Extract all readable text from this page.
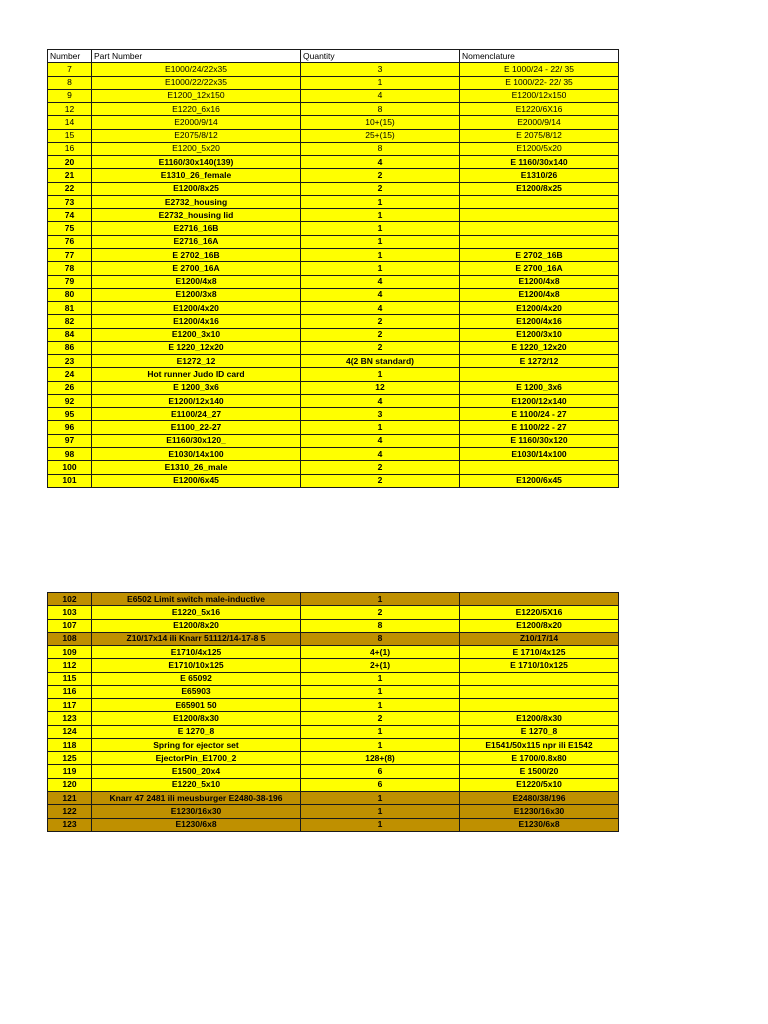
Number	Part Number	Quantity	Nomenclature
7	E1000/24/22x35	3	E 1000/24 - 22/ 35
8	E1000/22/22x35	1	E 1000/22- 22/ 35
9	E1200_12x150	4	E1200/12x150
12	E1220_6x16	8	E1220/6X16
14	E2000/9/14	10+(15)	E2000/9/14
15	E2075/8/12	25+(15)	E 2075/8/12
16	E1200_5x20	8	E1200/5x20
20	E1160/30x140(139)	4	E 1160/30x140
21	E1310_26_female	2	E1310/26
22	E1200/8x25	2	E1200/8x25
73	E2732_housing	1	
74	E2732_housing lid	1	
75	E2716_16B	1	
76	E2716_16A	1	
77	E 2702_16B	1	E 2702_16B
78	E 2700_16A	1	E 2700_16A
79	E1200/4x8	4	E1200/4x8
80	E1200/3x8	4	E1200/4x8
81	E1200/4x20	4	E1200/4x20
82	E1200/4x16	2	E1200/4x16
84	E1200_3x10	2	E1200/3x10
86	E 1220_12x20	2	E 1220_12x20
23	E1272_12	4(2 BN standard)	E 1272/12
24	Hot runner Judo ID card	1	
26	E 1200_3x6	12	E 1200_3x6
92	E1200/12x140	4	E1200/12x140
95	E1100/24_27	3	E 1100/24 - 27
96	E1100_22-27	1	E 1100/22 - 27
97	E1160/30x120_	4	E 1160/30x120
98	E1030/14x100	4	E1030/14x100
100	E1310_26_male	2	
101	E1200/6x45	2	E1200/6x45
102	E6502 Limit switch male-inductive	1	
103	E1220_5x16	2	E1220/5X16
107	E1200/8x20	8	E1200/8x20
108	Z10/17x14 ili Knarr 51112/14-17-8 5	8	Z10/17/14
109	E1710/4x125	4+(1)	E 1710/4x125
112	E1710/10x125	2+(1)	E 1710/10x125
115	E 65092	1	
116	E65903	1	
117	E65901 50	1	
123	E1200/8x30	2	E1200/8x30
124	E 1270_8	1	E 1270_8
118	Spring for ejector set	1	E1541/50x115 npr ili E1542
125	EjectorPin_E1700_2	128+(8)	E 1700/0.8x80
119	E1500_20x4	6	E 1500/20
120	E1220_5x10	6	E1220/5x10
121	Knarr 47 2481 ili meusburger E2480-38-196	1	E2480/38/196
122	E1230/16x30	1	E1230/16x30
123	E1230/6x8	1	E1230/6x8
